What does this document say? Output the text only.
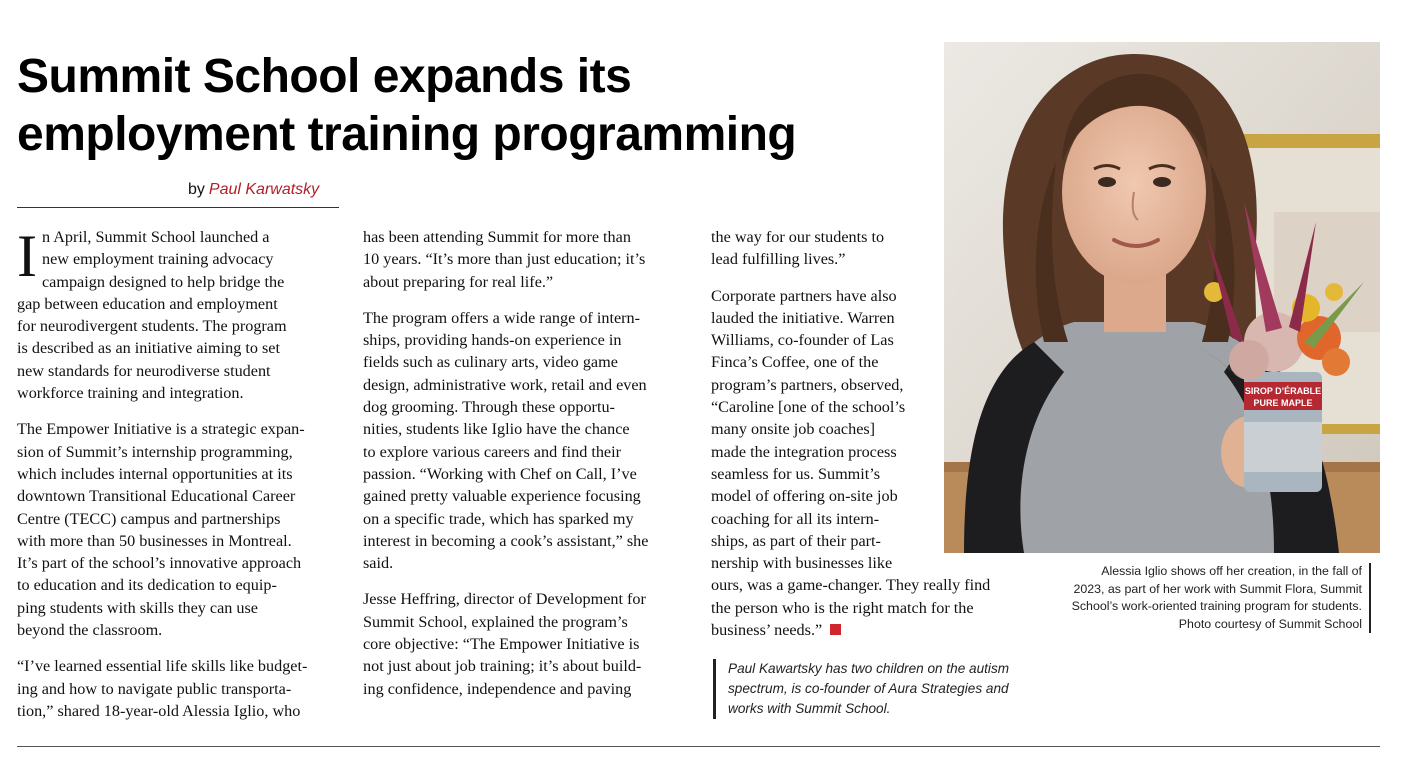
Summit School expands its
employment training programming
by Paul Karwatsky

I n April, Summit School launched a
new employment training advocacy
campaign designed to help bridge the
gap between education and employment
for neurodivergent students. The program
is described as an initiative aiming to set
new standards for neurodiverse student
workforce training and integration.

The Empower Initiative is a strategic expan-
sion of Summit’s internship programming,
which includes internal opportunities at its
downtown Transitional Educational Career
Centre (TECC) campus and partnerships
with more than 50 businesses in Montreal.
It’s part of the school’s innovative approach
to education and its dedication to equip-
ping students with skills they can use
beyond the classroom.

“I’ve learned essential life skills like budget-
ing and how to navigate public transporta-
tion,” shared 18-year-old Alessia Iglio, who

has been attending Summit for more than
10 years. “It’s more than just education; it’s
about preparing for real life.”

The program offers a wide range of intern-
ships, providing hands-on experience in
fields such as culinary arts, video game
design, administrative work, retail and even
dog grooming. Through these opportu-
nities, students like Iglio have the chance
to explore various careers and find their
passion. “Working with Chef on Call, I’ve
gained pretty valuable experience focusing
on a specific trade, which has sparked my
interest in becoming a cook’s assistant,” she
said.

Jesse Heffring, director of Development for
Summit School, explained the program’s
core objective: “The Empower Initiative is
not just about job training; it’s about build-
ing confidence, independence and paving

the way for our students to
lead fulfilling lives.”

Corporate partners have also
lauded the initiative. Warren
Williams, co-founder of Las
Finca’s Coffee, one of the
program’s partners, observed,
“Caroline [one of the school’s
many onsite job coaches]
made the integration process
seamless for us. Summit’s
model of offering on-site job
coaching for all its intern-
ships, as part of their part-
nership with businesses like
ours, was a game-changer. They really find
the person who is the right match for the
business’ needs.”

SIROP D’ÉRABLE
PURE MAPLE
Alessia Iglio shows off her creation, in the fall of
2023, as part of her work with Summit Flora, Summit
School’s work-oriented training program for students.
Photo courtesy of Summit School
Paul Kawartsky has two children on the autism
spectrum, is co-founder of Aura Strategies and
works with Summit School.
